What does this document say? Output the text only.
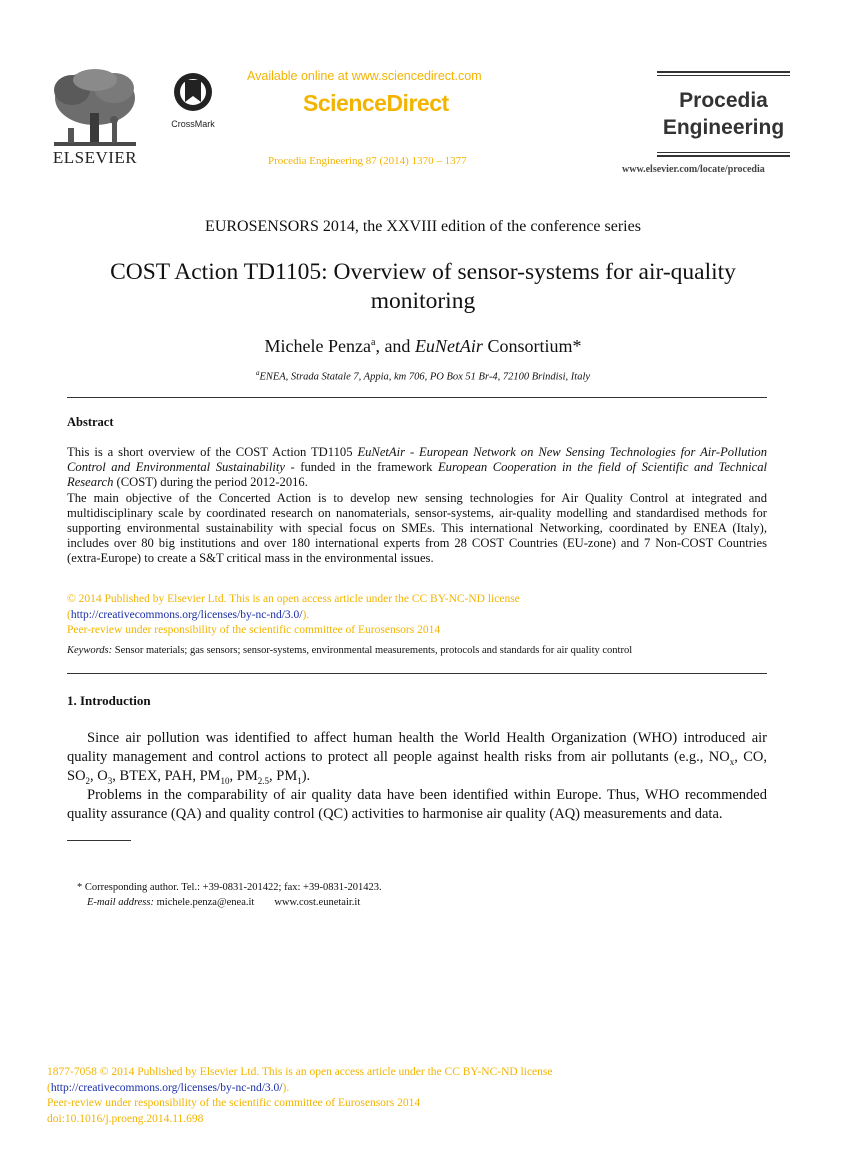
ELSEVIER
CrossMark
Available online at www.sciencedirect.com
ScienceDirect
Procedia Engineering 87 (2014) 1370 – 1377
Procedia
Engineering
www.elsevier.com/locate/procedia
EUROSENSORS 2014, the XXVIII edition of the conference series
COST Action TD1105: Overview of sensor-systems for air-quality monitoring
Michele Penza$^a$, and EuNetAir Consortium*
$^a$ENEA, Strada Statale 7, Appia, km 706, PO Box 51 Br-4, 72100 Brindisi, Italy
Abstract

This is a short overview of the COST Action TD1105 EuNetAir - European Network on New Sensing Technologies for Air-Pollution Control and Environmental Sustainability - funded in the framework European Cooperation in the field of Scientific and Technical Research (COST) during the period 2012-2016.

The main objective of the Concerted Action is to develop new sensing technologies for Air Quality Control at integrated and multidisciplinary scale by coordinated research on nanomaterials, sensor-systems, air-quality modelling and standardised methods for supporting environmental sustainability with special focus on SMEs. This international Networking, coordinated by ENEA (Italy), includes over 80 big institutions and over 180 international experts from 28 COST Countries (EU-zone) and 7 Non-COST Countries (extra-Europe) to create a S&T critical mass in the environmental issues.

© 2014 Published by Elsevier Ltd. This is an open access article under the CC BY-NC-ND license
(http://creativecommons.org/licenses/by-nc-nd/3.0/).
Peer-review under responsibility of the scientific committee of Eurosensors 2014
Keywords: Sensor materials; gas sensors; sensor-systems, environmental measurements, protocols and standards for air quality control
1. Introduction

Since air pollution was identified to affect human health the World Health Organization (WHO) introduced air quality management and control actions to protect all people against health risks from air pollutants (e.g., $NO_x$, CO, $SO_2$, $O_3$, BTEX, PAH, $PM_{10}$, $PM_{2.5}$, $PM_1$).

Problems in the comparability of air quality data have been identified within Europe. Thus, WHO recommended quality assurance (QA) and quality control (QC) activities to harmonise air quality (AQ) measurements and data.

* Corresponding author. Tel.: +39-0831-201422; fax: +39-0831-201423.
E-mail address: michele.penza@enea.it www.cost.eunetair.it
1877-7058 © 2014 Published by Elsevier Ltd. This is an open access article under the CC BY-NC-ND license
(http://creativecommons.org/licenses/by-nc-nd/3.0/).
Peer-review under responsibility of the scientific committee of Eurosensors 2014
doi:10.1016/j.proeng.2014.11.698
